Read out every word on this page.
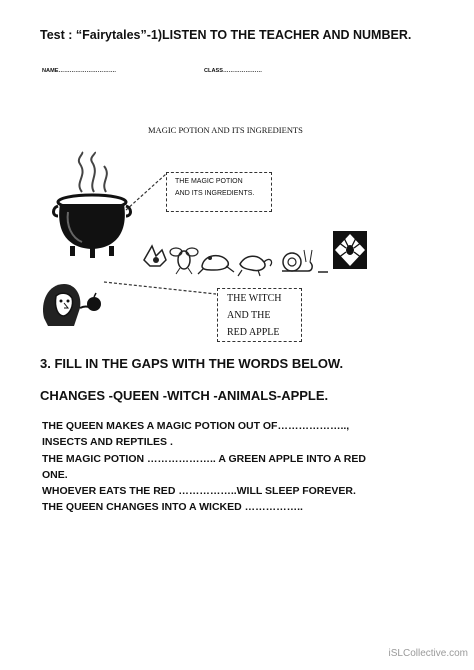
Test : “Fairytales”-1)LISTEN TO THE TEACHER AND NUMBER.
NAME………………………….	CLASS…………………
MAGIC POTION AND ITS INGREDIENTS
THE MAGIC POTION
AND ITS INGREDIENTS.
THE WITCH
AND THE
RED APPLE
3. FILL IN THE GAPS WITH THE WORDS BELOW.
CHANGES -QUEEN -WITCH -ANIMALS-APPLE.
THE QUEEN MAKES A MAGIC POTION OUT OF………………..,
INSECTS AND REPTILES .
THE MAGIC POTION ……………….. A GREEN APPLE INTO A RED
ONE.
WHOEVER EATS THE RED ……………..WILL SLEEP FOREVER.
THE QUEEN CHANGES INTO A WICKED ……………..
iSLCollective.com
